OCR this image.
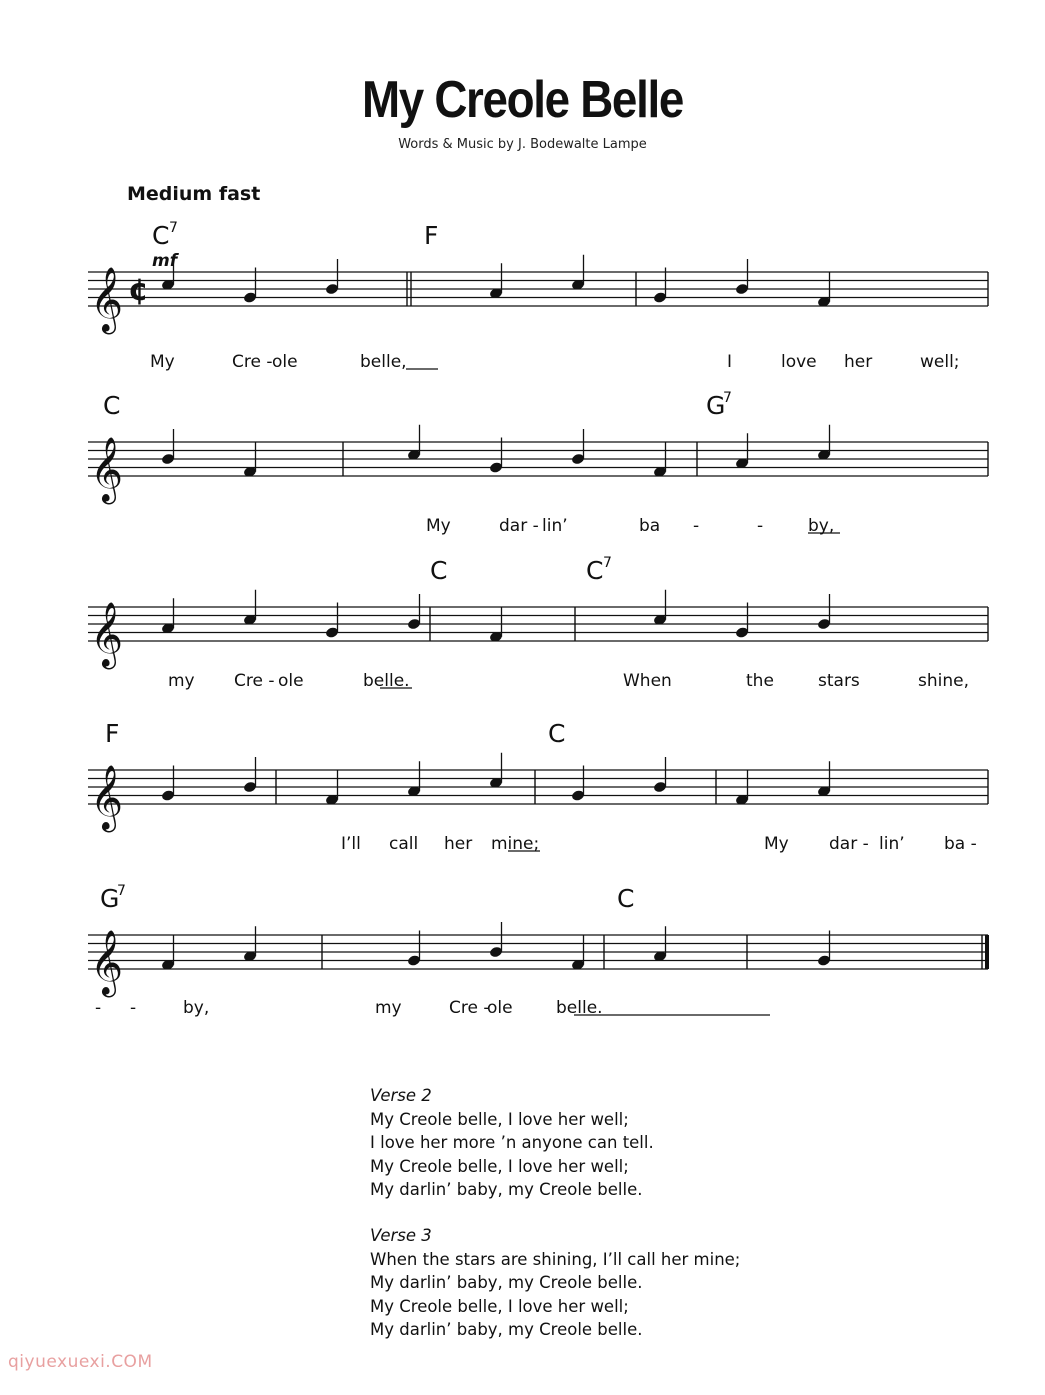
My Creole Belle
Words & Music by J. Bodewalte Lampe
Medium fast
𝄞
𝄞
𝄞
𝄞
𝄞
C 7	F
My	Cre - ole	belle,	I	love her	well;
C	G
7
My	dar - lin’	ba -	-	by,
C	C 7
my Cre - ole	belle.	When	the	stars	shine,
F	C
I’ll call her mine;	My dar - lin’ ba -
G
7	C
- -	by,	my	Cre -
ole	belle.
¢
mf
Verse 2
My Creole belle, I love her well;
I love her more ’n anyone can tell.
My Creole belle, I love her well;
My darlin’ baby, my Creole belle.
Verse 3
When the stars are shining, I’ll call her mine;
My darlin’ baby, my Creole belle.
My Creole belle, I love her well;
My darlin’ baby, my Creole belle.
qiyuexuexi.COM
